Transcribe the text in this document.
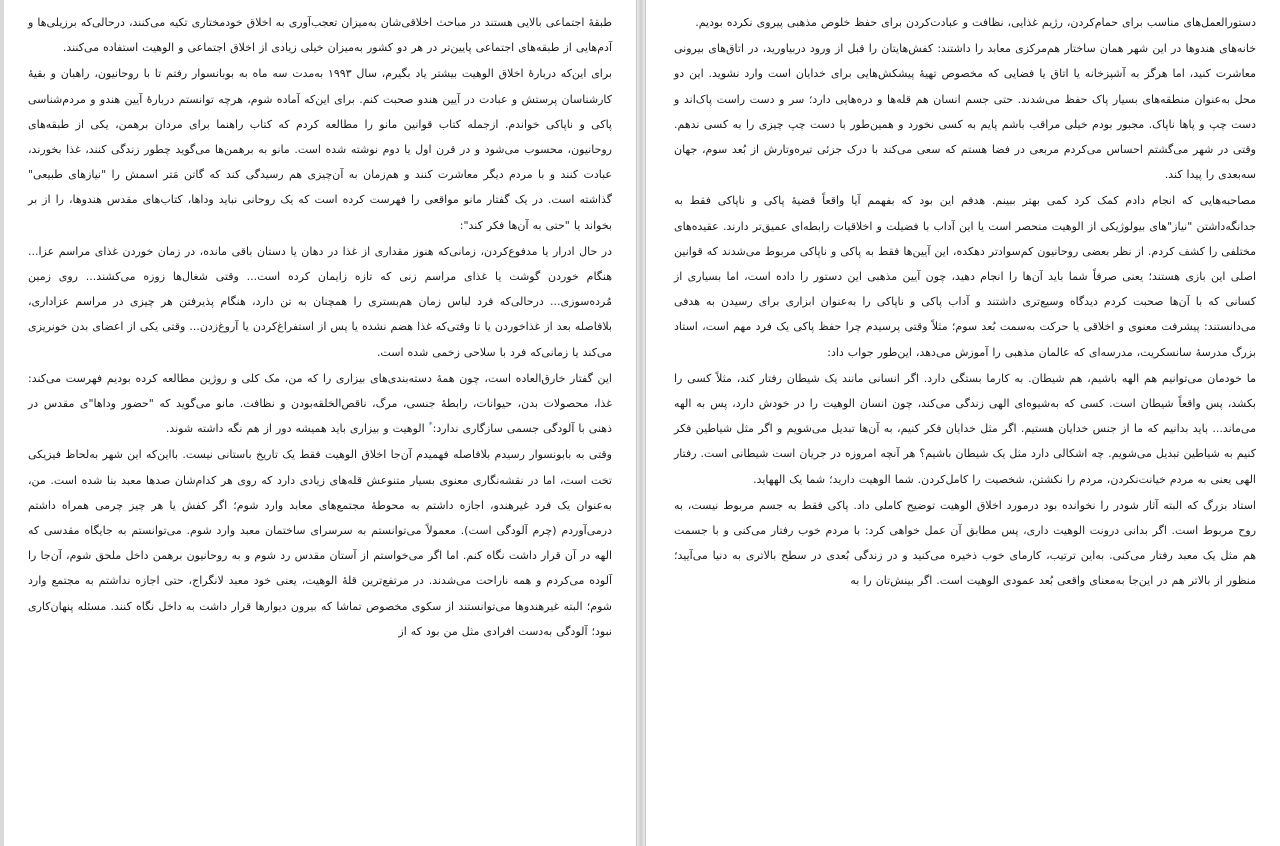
طبقهٔ اجتماعی بالایی هستند در مباحث اخلاقی‌شان به‌میزان تعجب‌آوری به اخلاق خودمختاری تکیه می‌کنند، درحالی‌که برزیلی‌ها و آدم‌هایی از طبقه‌های اجتماعی پایین‌تر در هر دو کشور به‌میزان خیلی زیادی از اخلاق اجتماعی و الوهیت استفاده می‌کنند.

برای این‌که دربارهٔ اخلاق الوهیت بیشتر یاد بگیرم، سال ۱۹۹۳ به‌مدت سه ماه به بوبانسوار رفتم تا با روحانیون، راهبان و بقیهٔ کارشناسان پرستش و عبادت در آیین هندو صحبت کنم. برای این‌که آماده شوم، هرچه توانستم دربارهٔ آیین هندو و مردم‌شناسی پاکی و ناپاکی خواندم. ازجمله کتاب قوانین مانو را مطالعه کردم که کتاب راهنما برای مردان برهمن، یکی از طبقه‌های روحانیون، محسوب می‌شود و در قرن اول یا دوم نوشته شده است. مانو به برهمن‌ها می‌گوید چطور زندگی کنند، غذا بخورند، عبادت کنند و با مردم دیگر معاشرت کنند و هم‌زمان به آن‌چیزی هم رسیدگی کند که گاتن مَتر اسمش را "نیازهای طبیعی" گذاشته است. در یک گفتار مانو مواقعی را فهرست کرده است که یک روحانی نباید وداها، کتاب‌های مقدس هندوها، را از بر بخواند یا "حتی به آن‌ها فکر کند":

در حال ادرار یا مدفوع‌کردن، زمانی‌که هنوز مقداری از غذا در دهان یا دستان باقی مانده، در زمان خوردن غذای مراسم عزا... هنگام خوردن گوشت یا غذای مراسم زنی که تازه زایمان کرده است... وقتی شغال‌ها زوزه می‌کشند... روی زمین مُرده‌سوزی... درحالی‌که فرد لباس زمان هم‌بستری را همچنان به تن دارد، هنگام پذیرفتن هر چیزی در مراسم عزاداری، بلافاصله بعد از غذاخوردن یا تا وقتی‌که غذا هضم نشده یا پس از استفراغ‌کردن یا آروغ‌زدن... وقتی یکی از اعضای بدن خونریزی می‌کند یا زمانی‌که فرد با سلاحی زخمی شده است.

این گفتار خارق‌العاده است، چون همهٔ دسته‌بندی‌های بیزاری را که من، مک کلی و روژین مطالعه کرده بودیم فهرست می‌کند: غذا، محصولات بدن، حیوانات، رابطهٔ جنسی، مرگ، ناقص‌الخلقه‌بودن و نظافت. مانو می‌گوید که "حضور وداها"ی مقدس در ذهنی با آلودگی جسمی سازگاری ندارد:* الوهیت و بیزاری باید همیشه دور از هم نگه داشته شوند.

وقتی به بابونسوار رسیدم بلافاصله فهمیدم آن‌جا اخلاق الوهیت فقط یک تاریخ باستانی نیست. بااین‌که این شهر به‌لحاظ فیزیکی تخت است، اما در نقشه‌نگاری معنوی بسیار متنوعش قله‌های زیادی دارد که روی هر کدام‌شان صدها معبد بنا شده است. من، به‌عنوان یک فرد غیرهندو، اجازه داشتم به محوطهٔ مجتمع‌های معابد وارد شوم؛ اگر کفش یا هر چیز چرمی همراه داشتم درمی‌آوردم (چرم آلودگی است). معمولاً می‌توانستم به سرسرای ساختمان معبد وارد شوم. می‌توانستم به جایگاه مقدسی که الهه در آن قرار داشت نگاه کنم. اما اگر می‌خواستم از آستان مقدس رد شوم و به روحانیون برهمن داخل ملحق شوم، آن‌جا را آلوده می‌کردم و همه ناراحت می‌شدند. در مرتفع‌ترین قلهٔ الوهیت، یعنی خود معبد لانگراج، حتی اجازه نداشتم به مجتمع وارد شوم؛ البته غیرهندوها می‌توانستند از سکوی مخصوص تماشا که بیرون دیوارها قرار داشت به داخل نگاه کنند. مسئله پنهان‌کاری نبود؛ آلودگی به‌دست افرادی مثل من بود که از

دستورالعمل‌های مناسب برای حمام‌کردن، رژیم غذایی، نظافت و عبادت‌کردن برای حفظ خلوص مذهبی پیروی نکرده بودیم.

خانه‌های هندوها در این شهر همان ساختار هم‌مرکزی معابد را داشتند: کفش‌هایتان را قبل از ورود دربیاورید، در اتاق‌های بیرونی معاشرت کنید، اما هرگز به آشپزخانه یا اتاق یا فضایی که مخصوص تهیهٔ پیشکش‌هایی برای خدایان است وارد نشوید. این دو محل به‌عنوان منطقه‌های بسیار پاک حفظ می‌شدند. حتی جسم انسان هم قله‌ها و دره‌هایی دارد؛ سر و دست راست پاک‌اند و دست چپ و پاها ناپاک. مجبور بودم خیلی مراقب باشم پایم به کسی نخورد و همین‌طور با دست چپ چیزی را به کسی ندهم. وقتی در شهر می‌گشتم احساس می‌کردم مربعی در فضا هستم که سعی می‌کند با درک جزئی تیره‌وتارش از بُعد سوم، جهان سه‌بعدی را پیدا کند.

مصاحبه‌هایی که انجام دادم کمک کرد کمی بهتر ببینم. هدفم این بود که بفهمم آیا واقعاً قضیهٔ پاکی و ناپاکی فقط به جدانگه‌داشتن "نیاز"های بیولوژیکی از الوهیت منحصر است یا این آداب با فضیلت و اخلاقیات رابطه‌ای عمیق‌تر دارند. عقیده‌های مختلفی را کشف کردم. از نظر بعضی روحانیون کم‌سوادتر دهکده، این آیین‌ها فقط به پاکی و ناپاکی مربوط می‌شدند که قوانین اصلی این بازی هستند؛ یعنی صرفاً شما باید آن‌ها را انجام دهید، چون آیین مذهبی این دستور را داده است، اما بسیاری از کسانی که با آن‌ها صحبت کردم دیدگاه وسیع‌تری داشتند و آداب پاکی و ناپاکی را به‌عنوان ابزاری برای رسیدن به هدفی می‌دانستند: پیشرفت معنوی و اخلاقی یا حرکت به‌سمت بُعد سوم؛ مثلاً وقتی پرسیدم چرا حفظ پاکی یک فرد مهم است، استاد بزرگ مدرسهٔ سانسکریت، مدرسه‌ای که عالمان مذهبی را آموزش می‌دهد، این‌طور جواب داد:

ما خودمان می‌توانیم هم الهه باشیم، هم شیطان. به کارما بستگی دارد. اگر انسانی مانند یک شیطان رفتار کند، مثلاً کسی را بکشد، پس واقعاً شیطان است. کسی که به‌شیوه‌ای الهی زندگی می‌کند، چون انسان الوهیت را در خودش دارد، پس به الهه می‌ماند... باید بدانیم که ما از جنس خدایان هستیم. اگر مثل خدایان فکر کنیم، به آن‌ها تبدیل می‌شویم و اگر مثل شیاطین فکر کنیم به شیاطین تبدیل می‌شویم. چه اشکالی دارد مثل یک شیطان باشیم؟ هر آنچه امروزه در جریان است شیطانی است. رفتار الهی یعنی به مردم خیانت‌نکردن، مردم را نکشتن، شخصیت را کامل‌کردن. شما الوهیت دارید؛ شما یک الههاید.

استاد بزرگ که البته آثار شودر را نخوانده بود درمورد اخلاق الوهیت توضیح کاملی داد. پاکی فقط به جسم مربوط نیست، به روح مربوط است. اگر بدانی درونت الوهیت داری، پس مطابق آن عمل خواهی کرد: با مردم خوب رفتار می‌کنی و با جسمت هم مثل یک معبد رفتار می‌کنی. به‌این ترتیب، کارمای خوب ذخیره می‌کنید و در زندگی بُعدی در سطح بالاتری به دنیا می‌آیید؛ منظور از بالاتر هم در این‌جا به‌معنای واقعی بُعد عمودی الوهیت است. اگر بینش‌تان را به
